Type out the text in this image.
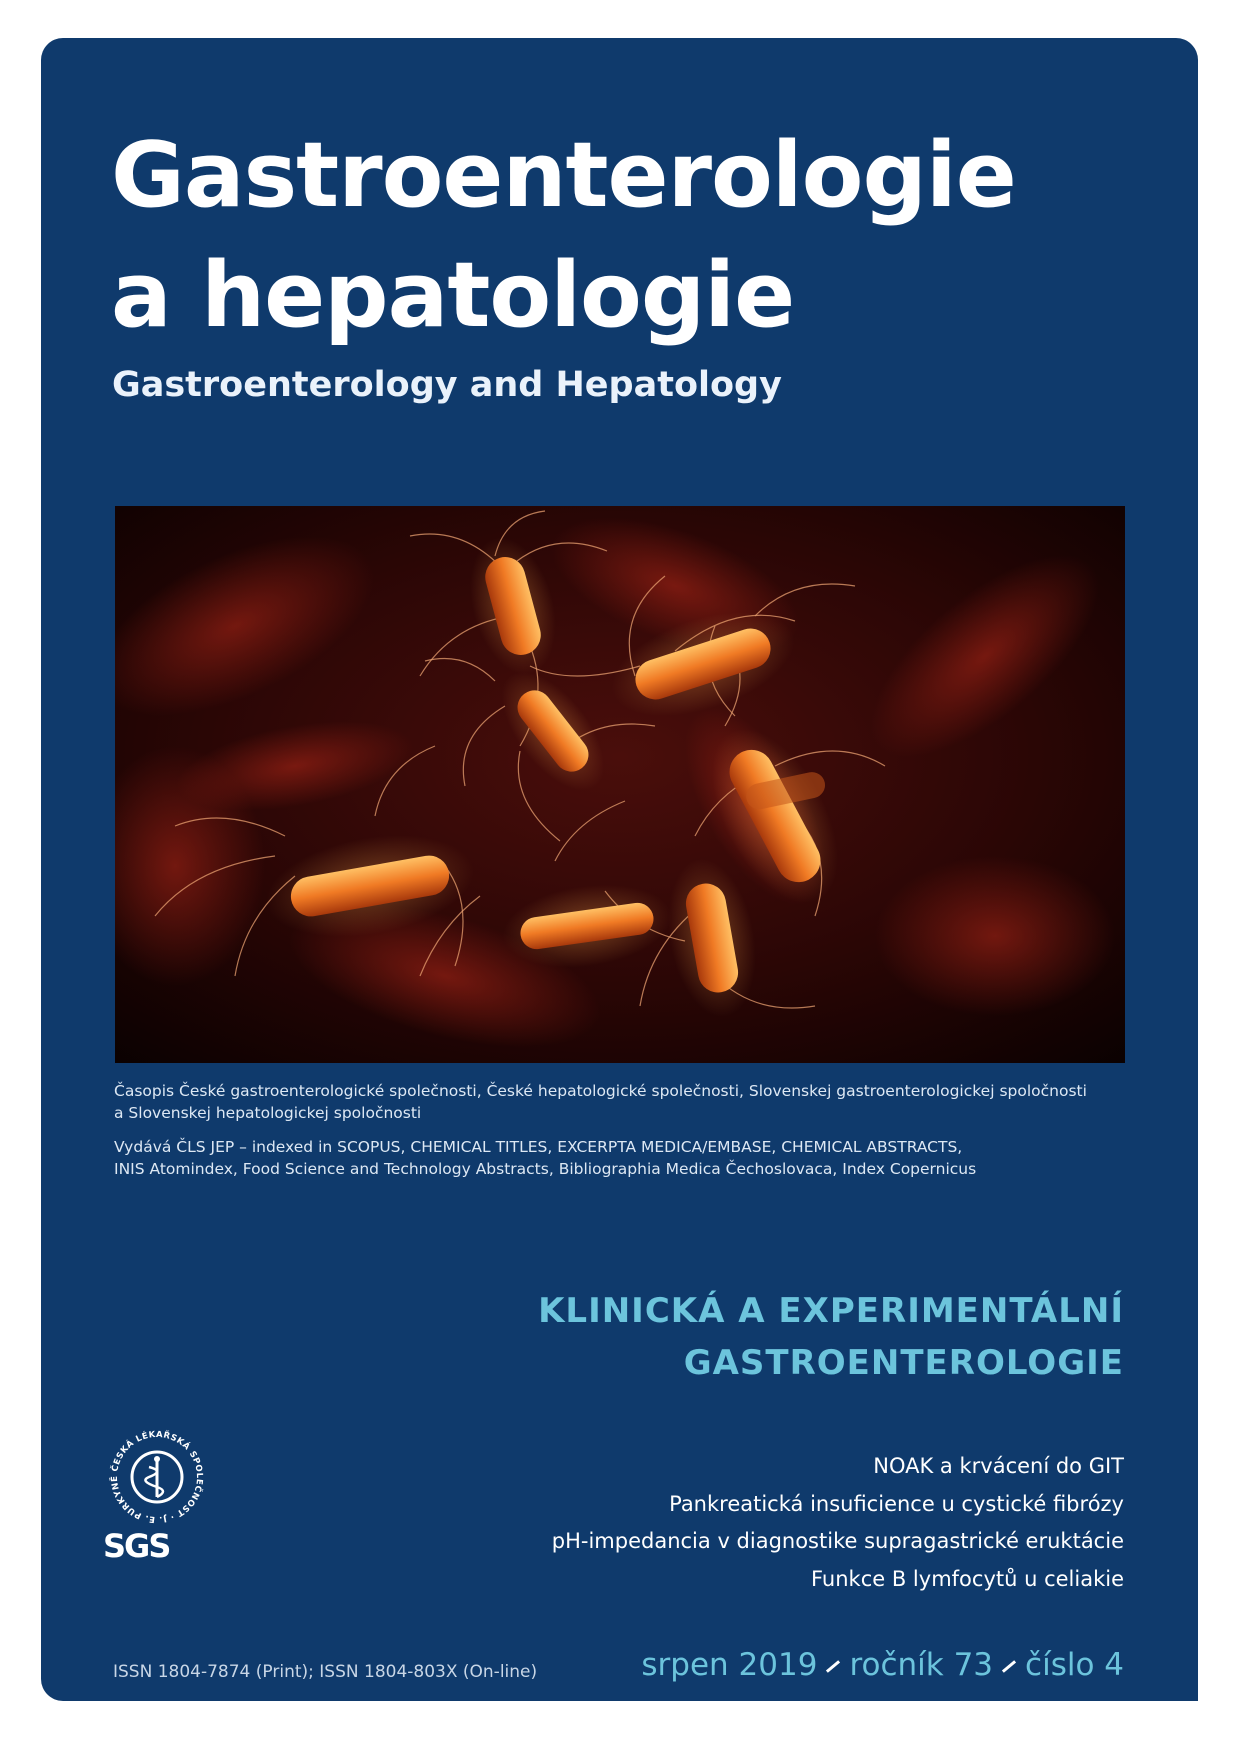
Gastroenterologie
a hepatologie
Gastroenterology and Hepatology
Časopis České gastroenterologické společnosti, České hepatologické společnosti, Slovenskej gastroenterologickej spoločnosti
a Slovenskej hepatologickej spoločnosti
Vydává ČLS JEP – indexed in SCOPUS, CHEMICAL TITLES, EXCERPTA MEDICA/EMBASE, CHEMICAL ABSTRACTS,
INIS Atomindex, Food Science and Technology Abstracts, Bibliographia Medica Čechoslovaca, Index Copernicus
KLINICKÁ A EXPERIMENTÁLNÍ
GASTROENTEROLOGIE
NOAK a krvácení do GIT
Pankreatická insuficience u cystické fibrózy
pH-impedancia v diagnostike supragastrické eruktácie
Funkce B lymfocytů u celiakie
ČESKÁ LÉKAŘSKÁ SPOLEČNOST · J. E. PURKYNĚ
SGS
ISSN 1804-7874 (Print); ISSN 1804-803X (On-line)	srpen 2019 ročník 73 číslo 4
